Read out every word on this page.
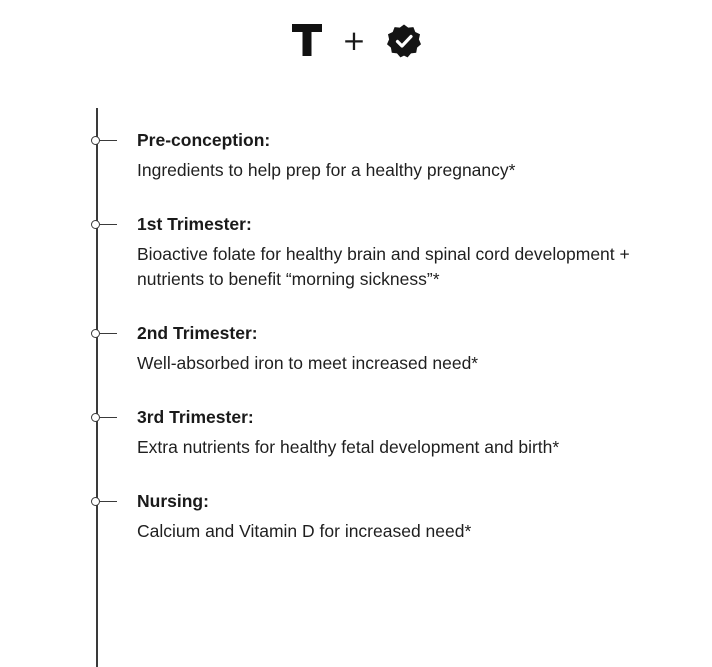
+
Pre-conception:

Ingredients to help prep for a healthy pregnancy*

1st Trimester:

Bioactive folate for healthy brain and spinal cord development + nutrients to benefit “morning sickness”*

2nd Trimester:

Well-absorbed iron to meet increased need*

3rd Trimester:

Extra nutrients for healthy fetal development and birth*

Nursing:

Calcium and Vitamin D for increased need*
